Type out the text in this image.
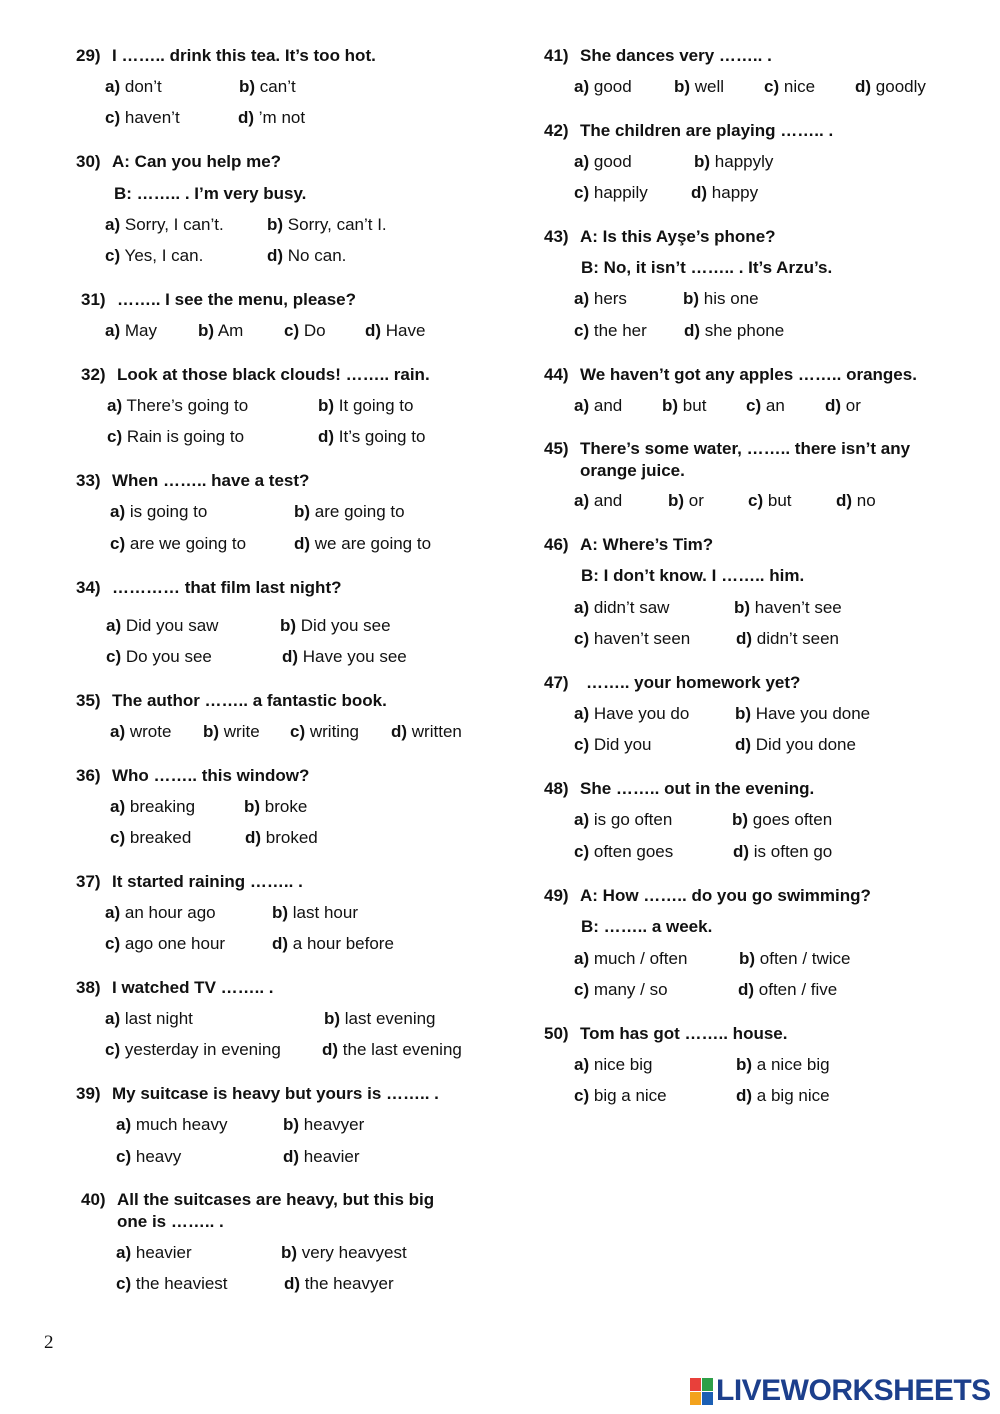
29) I …….. drink this tea. It’s too hot.
a) don’t	b) can’t
c) haven’t	d) ’m not
30) A: Can you help me?
B: …….. . I’m very busy.
a) Sorry, I can’t.	b) Sorry, can’t I.
c) Yes, I can.	d) No can.
31) …….. I see the menu, please?
a) May b) Am c) Do d) Have
32) Look at those black clouds! …….. rain.
a) There’s going to	b) It going to
c) Rain is going to	d) It’s going to
33) When …….. have a test?
a) is going to	b) are going to
c) are we going to	d) we are going to
34) ………… that film last night?
a) Did you saw	b) Did you see
c) Do you see	d) Have you see
35) The author …….. a fantastic book.
a) wrote b) write c) writing d) written
36) Who …….. this window?
a) breaking	b) broke
c) breaked	d) broked
37) It started raining …….. .
a) an hour ago	b) last hour
c) ago one hour	d) a hour before
38) I watched TV …….. .
a) last night	b) last evening
c) yesterday in evening d) the last evening
39) My suitcase is heavy but yours is …….. .
a) much heavy	b) heavyer
c) heavy	d) heavier
40) All the suitcases are heavy, but this big one is …….. .
a) heavier	b) very heavyest
c) the heaviest	d) the heavyer
41) She dances very …….. .
a) good b) well c) nice d) goodly
42) The children are playing …….. .
a) good	b) happyly
c) happily	d) happy
43) A: Is this Ayşe’s phone?
B: No, it isn’t …….. . It’s Arzu’s.
a) hers	b) his one
c) the her d) she phone
44) We haven’t got any apples …….. oranges.
a) and b) but c) an d) or
45) There’s some water, …….. there isn’t any orange juice.
a) and	b) or	c) but	d) no
46) A: Where’s Tim?
B: I don’t know. I …….. him.
a) didn’t saw	b) haven’t see
c) haven’t seen	d) didn’t seen
47)	…….. your homework yet?
a) Have you do	b) Have you done
c) Did you	d) Did you done
48) She …….. out in the evening.
a) is go often	b) goes often
c) often goes	d) is often go
49) A: How …….. do you go swimming?
B: …….. a week.
a) much / often	b) often / twice
c) many / so	d) often / five
50) Tom has got …….. house.
a) nice big	b) a nice big
c) big a nice	d) a big nice
2
LIVEWORKSHEETS
